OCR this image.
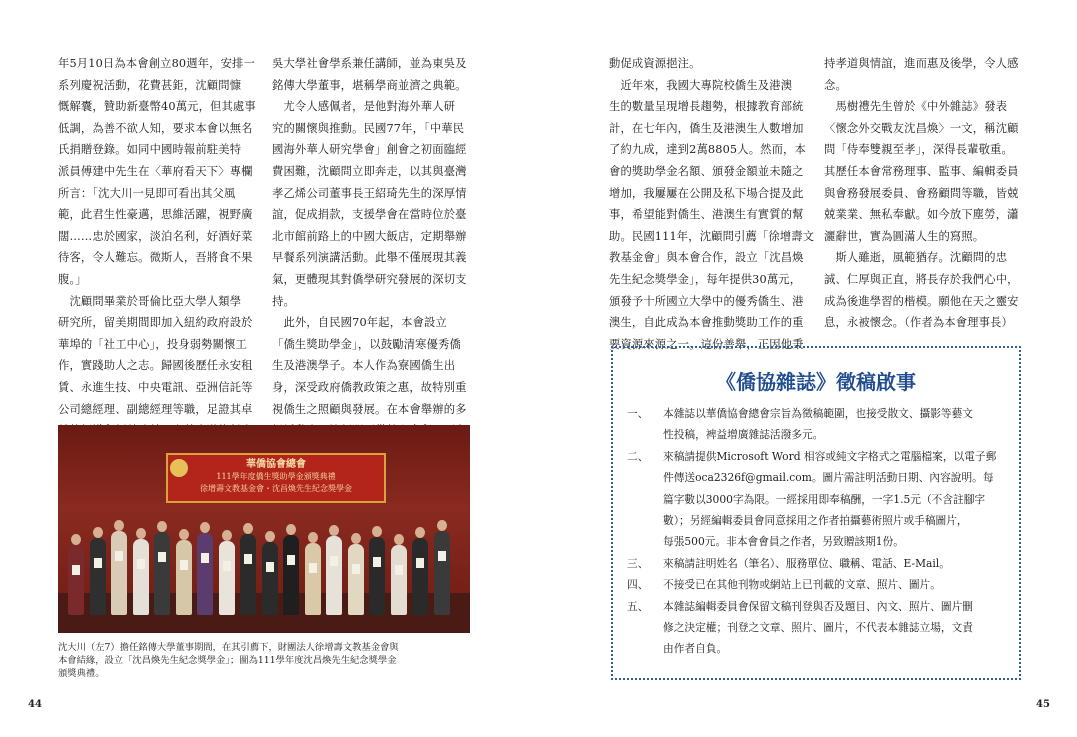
年5月10日為本會創立80週年，安排一

系列慶祝活動，花費甚鉅，沈顧問慷

慨解囊，贊助新臺幣40萬元，但其處事

低調，為善不欲人知，要求本會以無名

氏捐贈登錄。如同中國時報前駐美特

派員傅建中先生在〈華府看天下〉專欄

所言：「沈大川一見即可看出其父風

範，此君生性豪邁，思維活躍，視野廣

闊……忠於國家，淡泊名利，好酒好菜

待客，令人難忘。微斯人，吾將食不果

腹。」

　沈顧問畢業於哥倫比亞大學人類學

研究所，留美期間即加入紐約政府設於

華埠的「社工中心」，投身弱勢關懷工

作，實踐助人之志。歸國後歷任永安租

賃、永進生技、中央電訊、亞洲信託等

公司總經理、副總經理等職，足證其卓

吳大學社會學系兼任講師，並為東吳及

銘傳大學董事，堪稱學商並濟之典範。

　尤令人感佩者，是他對海外華人研

究的關懷與推動。民國77年，「中華民

國海外華人研究學會」創會之初面臨經

費困難，沈顧問立即奔走，以其與臺灣

孝乙烯公司董事長王紹琦先生的深厚情

誼，促成捐款，支援學會在當時位於臺

北市館前路上的中國大飯店，定期舉辦

早餐系列演講活動。此舉不僅展現其義

氣，更體現其對僑學研究發展的深切支

持。

　此外，自民國70年起，本會設立

「僑生獎助學金」，以鼓勵清寒優秀僑

生及港澳學子。本人作為寮國僑生出

身，深受政府僑教政策之惠，故特別重

視僑生之照顧與發展。在本會舉辦的多

動促成資源挹注。

　近年來，我國大專院校僑生及港澳

生的數量呈現增長趨勢，根據教育部統

計，在七年內，僑生及港澳生人數增加

了約九成，達到2萬8805人。然而，本

會的獎助學金名額、頒發金額並未隨之

增加，我屢屢在公開及私下場合提及此

事，希望能對僑生、港澳生有實質的幫

助。民國111年，沈顧問引薦「徐增壽文

教基金會」與本會合作，設立「沈昌煥

先生紀念獎學金」，每年提供30萬元，

頒發予十所國立大學中的優秀僑生、港

澳生，自此成為本會推動獎助工作的重

要資源來源之一。這份善舉，正因他秉

持孝道與情誼，進而惠及後學，令人感

念。

　馬樹禮先生曾於《中外雜誌》發表

〈懷念外交戰友沈昌煥〉一文，稱沈顧

問「侍奉雙親至孝」，深得長輩敬重。

其歷任本會常務理事、監事、編輯委員

與會務發展委員、會務顧問等職，皆兢

兢業業、無私奉獻。如今放下塵勞，瀟

灑辭世，實為圓滿人生的寫照。

　斯人雖逝，風範猶存。沈顧問的忠

誠、仁厚與正直，將長存於我們心中，

成為後進學習的楷模。願他在天之靈安

息，永被懷念。（作者為本會理事長）

華僑協會總會
111學年度僑生獎助學金頒獎典禮
徐增壽文教基金會・沈昌煥先生紀念獎學金

沈大川（左7）擔任銘傳大學董事期間，在其引薦下，財團法人徐增壽文教基金會與

本會結緣，設立「沈昌煥先生紀念獎學金」；圖為111學年度沈昌煥先生紀念獎學金

頒獎典禮。

《僑協雜誌》徵稿啟事
一、 本雜誌以華僑協會總會宗旨為徵稿範圍，也接受散文、攝影等藝文

性投稿，裨益增廣雜誌活潑多元。

二、 來稿請提供Microsoft Word 相容或純文字格式之電腦檔案，以電子郵

件傳送oca2326f@gmail.com。圖片需註明活動日期、內容說明。每

篇字數以3000字為限。一經採用即奉稿酬，一字1.5元（不含註腳字

數）；另經編輯委員會同意採用之作者拍攝藝術照片或手稿圖片，

每張500元。非本會會員之作者，另致贈該期1份。

三、 來稿請註明姓名（筆名）、服務單位、職稱、電話、E-Mail。

四、 不接受已在其他刊物或網站上已刊載的文章、照片、圖片。

五、 本雜誌編輯委員會保留文稿刊登與否及題目、內文、照片、圖片刪

修之決定權；刊登之文章、照片、圖片，不代表本雜誌立場，文責

由作者自負。

44	45
